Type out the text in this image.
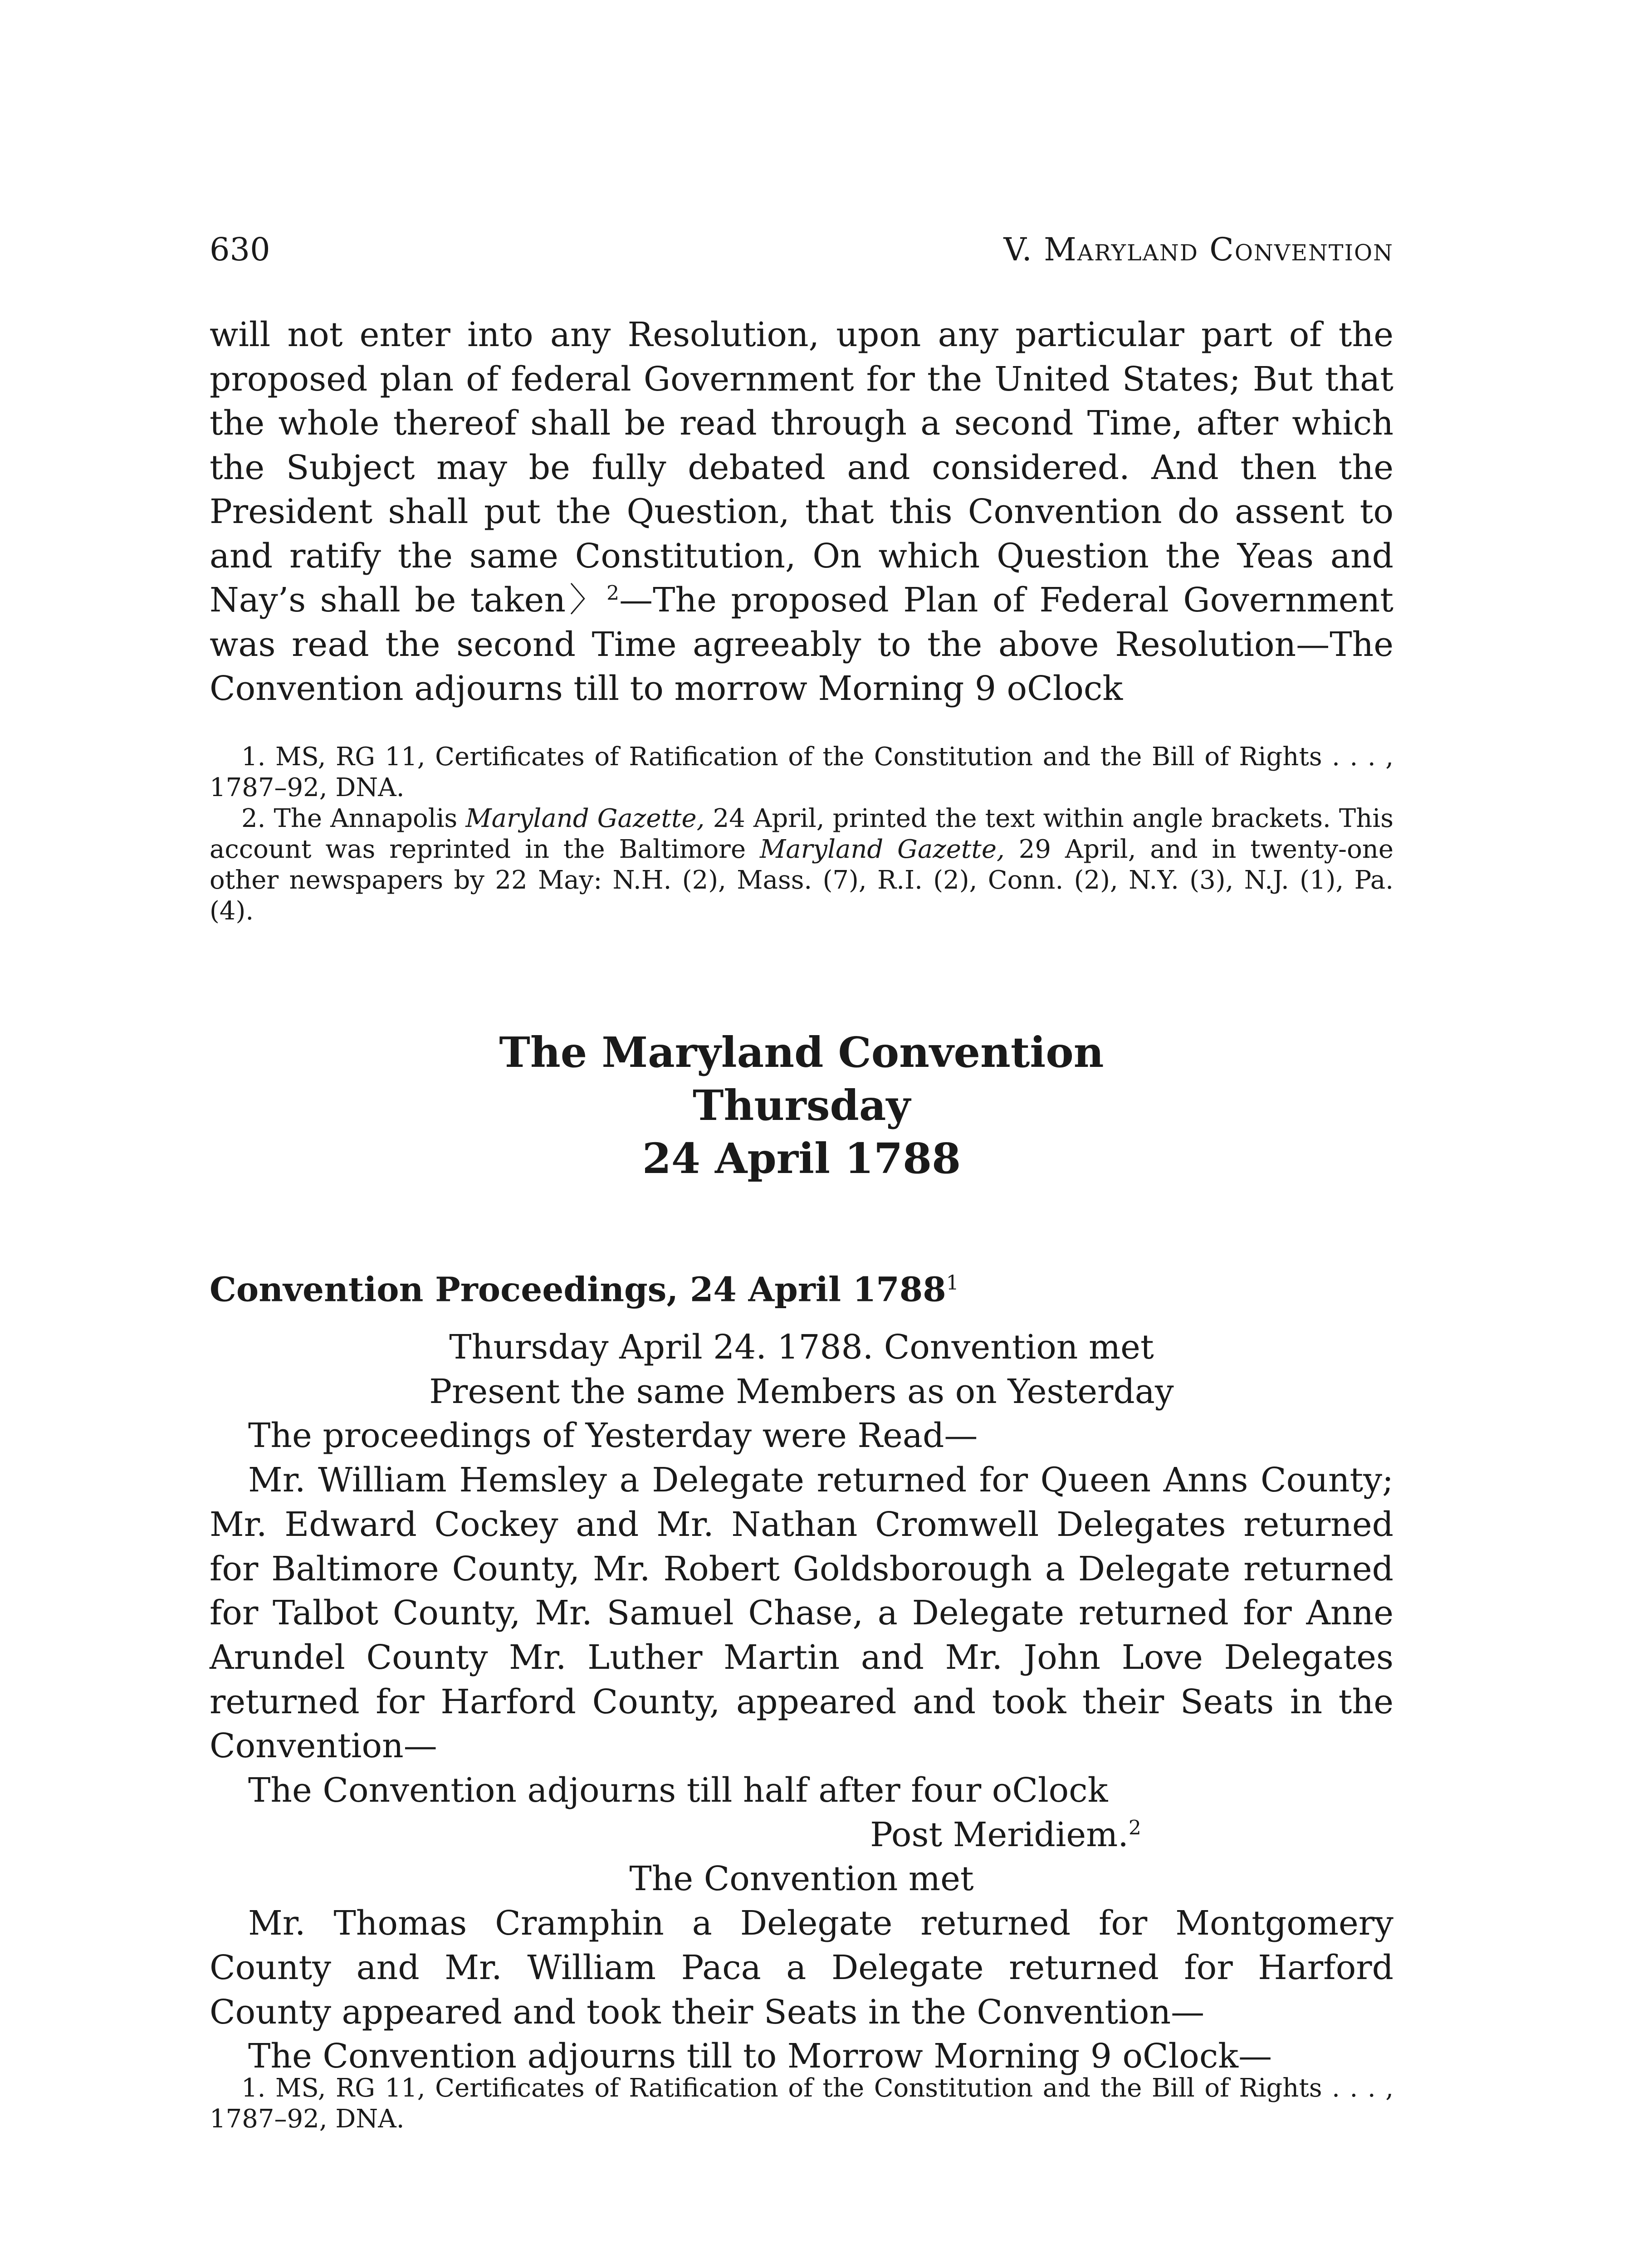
630	V. Maryland Convention
will not enter into any Resolution, upon any particular part of the proposed plan of federal Government for the United States; But that the whole thereof shall be read through a second Time, after which the Subject may be fully debated and considered. And then the President shall put the Question, that this Convention do assent to and ratify the same Constitution, On which Question the Yeas and Nay’s shall be taken〉$^2$—The proposed Plan of Federal Government was read the second Time agreeably to the above Resolution—The Convention adjourns till to morrow Morning 9 oClock

1. MS, RG 11, Certificates of Ratification of the Constitution and the Bill of Rights . . . , 1787–92, DNA.

2. The Annapolis Maryland Gazette, 24 April, printed the text within angle brackets. This account was reprinted in the Baltimore Maryland Gazette, 29 April, and in twenty-one other newspapers by 22 May: N.H. (2), Mass. (7), R.I. (2), Conn. (2), N.Y. (3), N.J. (1), Pa. (4).

The Maryland Convention
Thursday
24 April 1788
Convention Proceedings, 24 April 1788$^1$

Thursday April 24. 1788. Convention met

Present the same Members as on Yesterday

The proceedings of Yesterday were Read—

Mr. William Hemsley a Delegate returned for Queen Anns County; Mr. Edward Cockey and Mr. Nathan Cromwell Delegates returned for Baltimore County, Mr. Robert Goldsborough a Delegate returned for Talbot County, Mr. Samuel Chase, a Delegate returned for Anne Arundel County Mr. Luther Martin and Mr. John Love Delegates returned for Harford County, appeared and took their Seats in the Convention—

The Convention adjourns till half after four oClock

Post Meridiem.$^2$

The Convention met

Mr. Thomas Cramphin a Delegate returned for Montgomery County and Mr. William Paca a Delegate returned for Harford County appeared and took their Seats in the Convention—

The Convention adjourns till to Morrow Morning 9 oClock—

1. MS, RG 11, Certificates of Ratification of the Constitution and the Bill of Rights . . . , 1787–92, DNA.
